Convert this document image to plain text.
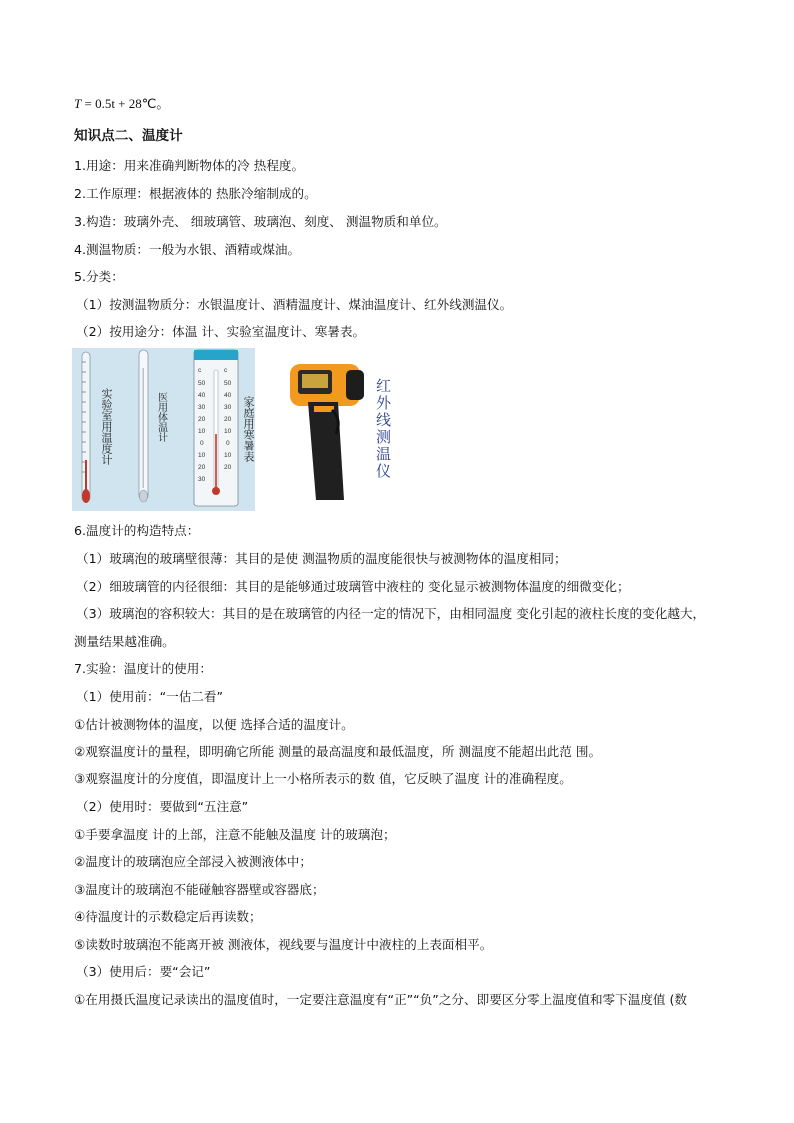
T = 0.5t + 28℃。
知识点二、温度计
1.用途：用来准确判断物体的冷 热程度。
2.工作原理：根据液体的 热胀冷缩制成的。
3.构造：玻璃外壳、 细玻璃管、玻璃泡、刻度、 测温物质和单位。
4.测温物质：一般为水银、酒精或煤油。
5.分类：
（1）按测温物质分：水银温度计、酒精温度计、煤油温度计、红外线测温仪。
（2）按用途分：体温 计、实验室温度计、寒暑表。
c
50
40
30
20
10
0
10
20
30
c
50
40
30
20
10
0
10
20
实验室用温度计	医用体温计	家庭用寒暑表	红外线测温仪
6.温度计的构造特点：
（1）玻璃泡的玻璃壁很薄：其目的是使 测温物质的温度能很快与被测物体的温度相同；
（2）细玻璃管的内径很细：其目的是能够通过玻璃管中液柱的 变化显示被测物体温度的细微变化；
（3）玻璃泡的容积较大：其目的是在玻璃管的内径一定的情况下，由相同温度 变化引起的液柱长度的变化越大，
测量结果越准确。
7.实验：温度计的使用：
（1）使用前：“一估二看”
①估计被测物体的温度，以便 选择合适的温度计。
②观察温度计的量程，即明确它所能 测量的最高温度和最低温度，所 测温度不能超出此范 围。
③观察温度计的分度值，即温度计上一小格所表示的数 值，它反映了温度 计的准确程度。
（2）使用时：要做到“五注意”
①手要拿温度 计的上部，注意不能触及温度 计的玻璃泡；
②温度计的玻璃泡应全部浸入被测液体中；
③温度计的玻璃泡不能碰触容器壁或容器底；
④待温度计的示数稳定后再读数；
⑤读数时玻璃泡不能离开被 测液体，视线要与温度计中液柱的上表面相平。
（3）使用后：要“会记”
①在用摄氏温度记录读出的温度值时，一定要注意温度有“正”“负”之分、即要区分零上温度值和零下温度值 (数
